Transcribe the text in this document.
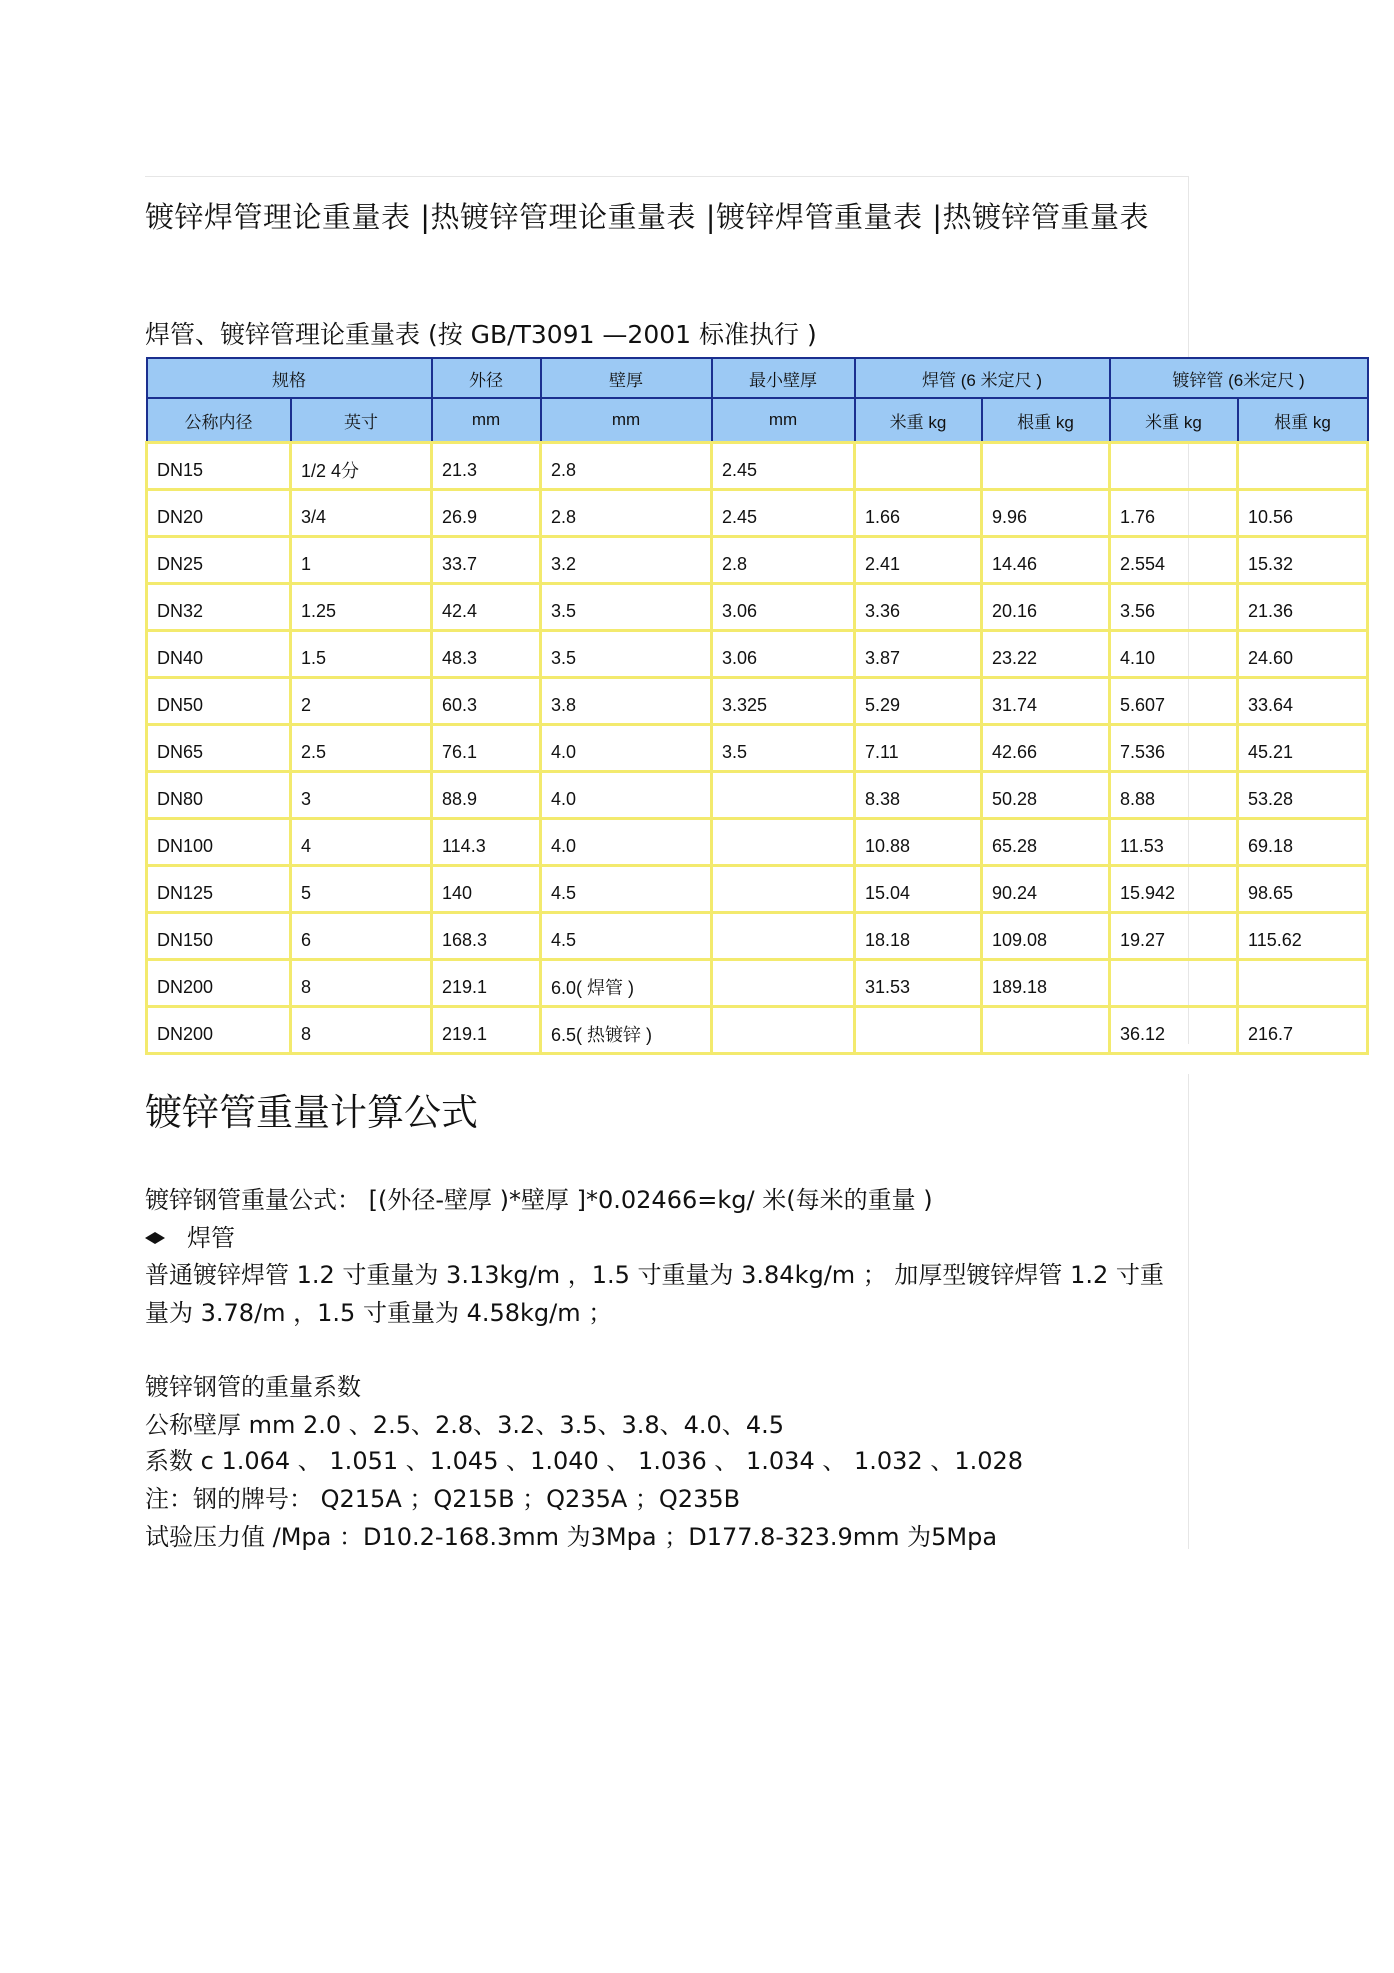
镀锌焊管理论重量表 |热镀锌管理论重量表 |镀锌焊管重量表 |热镀锌管重量表

焊管、镀锌管理论重量表 (按 GB/T3091 —2001 标准执行 )

规格		外径	壁厚	最小壁厚	焊管 (6 米定尺 )		镀锌管 (6米定尺 )	
公称内径	英寸	mm	mm	mm	米重 kg	根重 kg	米重 kg	根重 kg
DN15	1/2 4分	21.3	2.8	2.45				
DN20	3/4	26.9	2.8	2.45	1.66	9.96	1.76	10.56
DN25	1	33.7	3.2	2.8	2.41	14.46	2.554	15.32
DN32	1.25	42.4	3.5	3.06	3.36	20.16	3.56	21.36
DN40	1.5	48.3	3.5	3.06	3.87	23.22	4.10	24.60
DN50	2	60.3	3.8	3.325	5.29	31.74	5.607	33.64
DN65	2.5	76.1	4.0	3.5	7.11	42.66	7.536	45.21
DN80	3	88.9	4.0		8.38	50.28	8.88	53.28
DN100	4	114.3	4.0		10.88	65.28	11.53	69.18
DN125	5	140	4.5		15.04	90.24	15.942	98.65
DN150	6	168.3	4.5		18.18	109.08	19.27	115.62
DN200	8	219.1	6.0( 焊管 )		31.53	189.18		
DN200	8	219.1	6.5( 热镀锌 )				36.12	216.7
镀锌管重量计算公式

镀锌钢管重量公式： [(外径-壁厚 )*壁厚 ]*0.02466=kg/ 米(每米的重量 )

焊管

普通镀锌焊管 1.2 寸重量为 3.13kg/m ，1.5 寸重量为 3.84kg/m ； 加厚型镀锌焊管 1.2 寸重量为 3.78/m ，1.5 寸重量为 4.58kg/m ；

镀锌钢管的重量系数

公称壁厚 mm 2.0 、2.5、2.8、3.2、3.5、3.8、4.0、4.5

系数 c 1.064 、 1.051 、1.045 、1.040 、 1.036 、 1.034 、 1.032 、1.028

注：钢的牌号： Q215A ；Q215B ；Q235A ；Q235B

试验压力值 /Mpa ：D10.2-168.3mm 为3Mpa ；D177.8-323.9mm 为5Mpa
